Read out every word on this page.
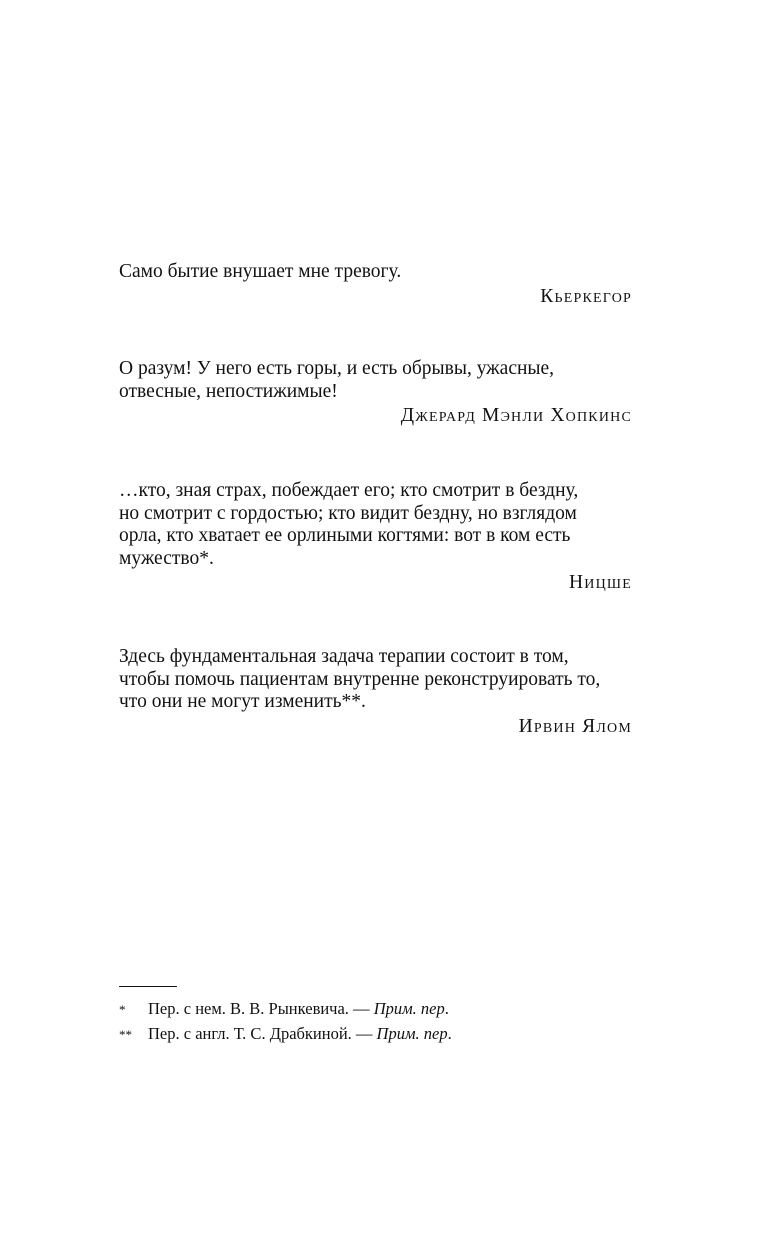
Само бытие внушает мне тревогу.

Кьеркегор

О разум! У него есть горы, и есть обрывы, ужасные,
отвесные, непостижимые!

Джерард Мэнли Хопкинс

…кто, зная страх, побеждает его; кто смотрит в бездну,
но смотрит с гордостью; кто видит бездну, но взглядом
орла, кто хватает ее орлиными когтями: вот в ком есть
мужество*.

Ницше

Здесь фундаментальная задача терапии состоит в том,
чтобы помочь пациентам внутренне реконструировать то,
что они не могут изменить**.

Ирвин Ялом

*	Пер. с нем. В. В. Рынкевича. — Прим. пер.

** Пер. с англ. Т. С. Драбкиной. — Прим. пер.
